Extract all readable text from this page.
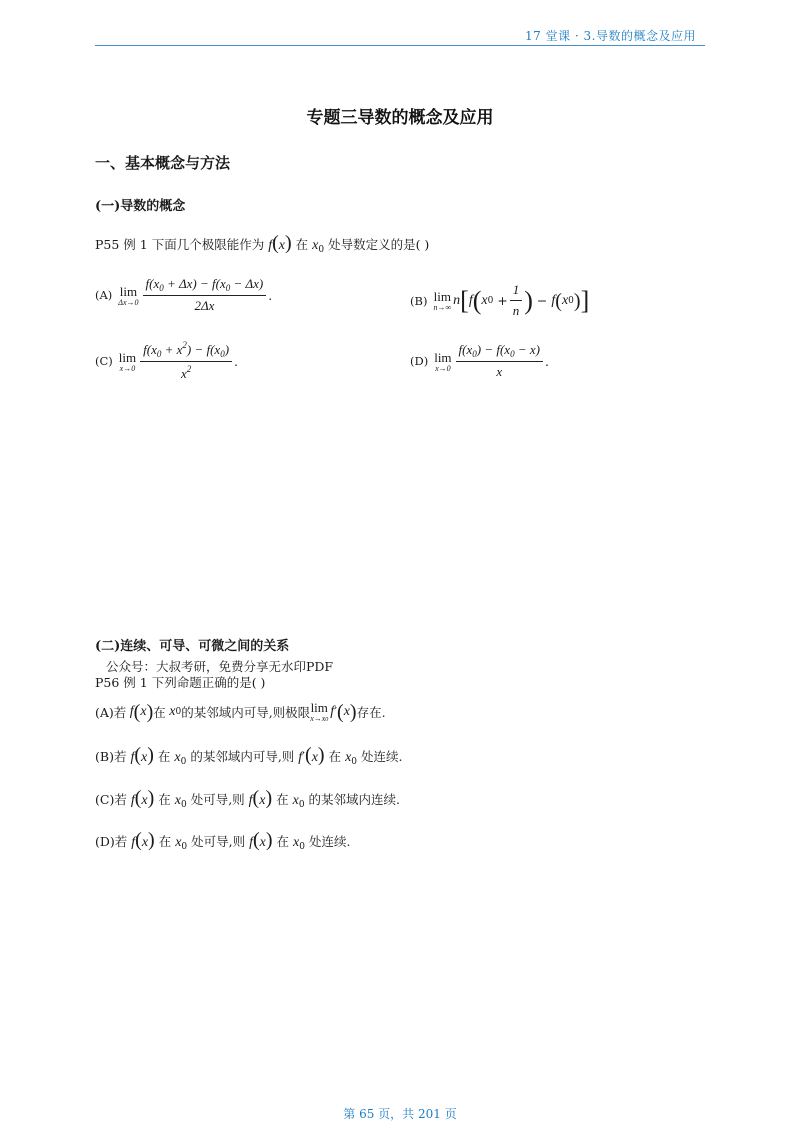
17 堂课 · 3.导数的概念及应用
专题三导数的概念及应用
一、基本概念与方法
(一)导数的概念
P55 例 1 下面几个极限能作为 f(x) 在 $x_0$ 处导数定义的是( )
(A) lim
$\Delta x\to 0 \frac{f(x_0 + \Delta x) - f(x_0 - \Delta x)}{2\Delta x}$ .	(B) lim
n→∞ n [ f ( x $0 + \frac{1}{n}$ ) − f ( x 0 ) ]
(C) lim
$x\to 0 \frac{f(x_0 + x^2) - f(x_0)}{x^2}$ .	(D) lim
$x\to 0 \frac{f(x_0) - f(x_0 - x)}{x}$ .
(二)连续、可导、可微之间的关系
公众号：大叔考研，免费分享无水印PDF
P56 例 1 下列命题正确的是( )
(A)若 f ( x ) 在 x 0 的某邻域内可导,则极限 lim
x→x0
f ′ ( x ) 存在.
(B)若 f(x) 在 $x_0$ 的某邻域内可导,则 f′(x) 在 $x_0$ 处连续.
(C)若 f(x) 在 $x_0$ 处可导,则 f(x) 在 $x_0$ 的某邻域内连续.
(D)若 f(x) 在 $x_0$ 处可导,则 f(x) 在 $x_0$ 处连续.
第 65 页，共 201 页
